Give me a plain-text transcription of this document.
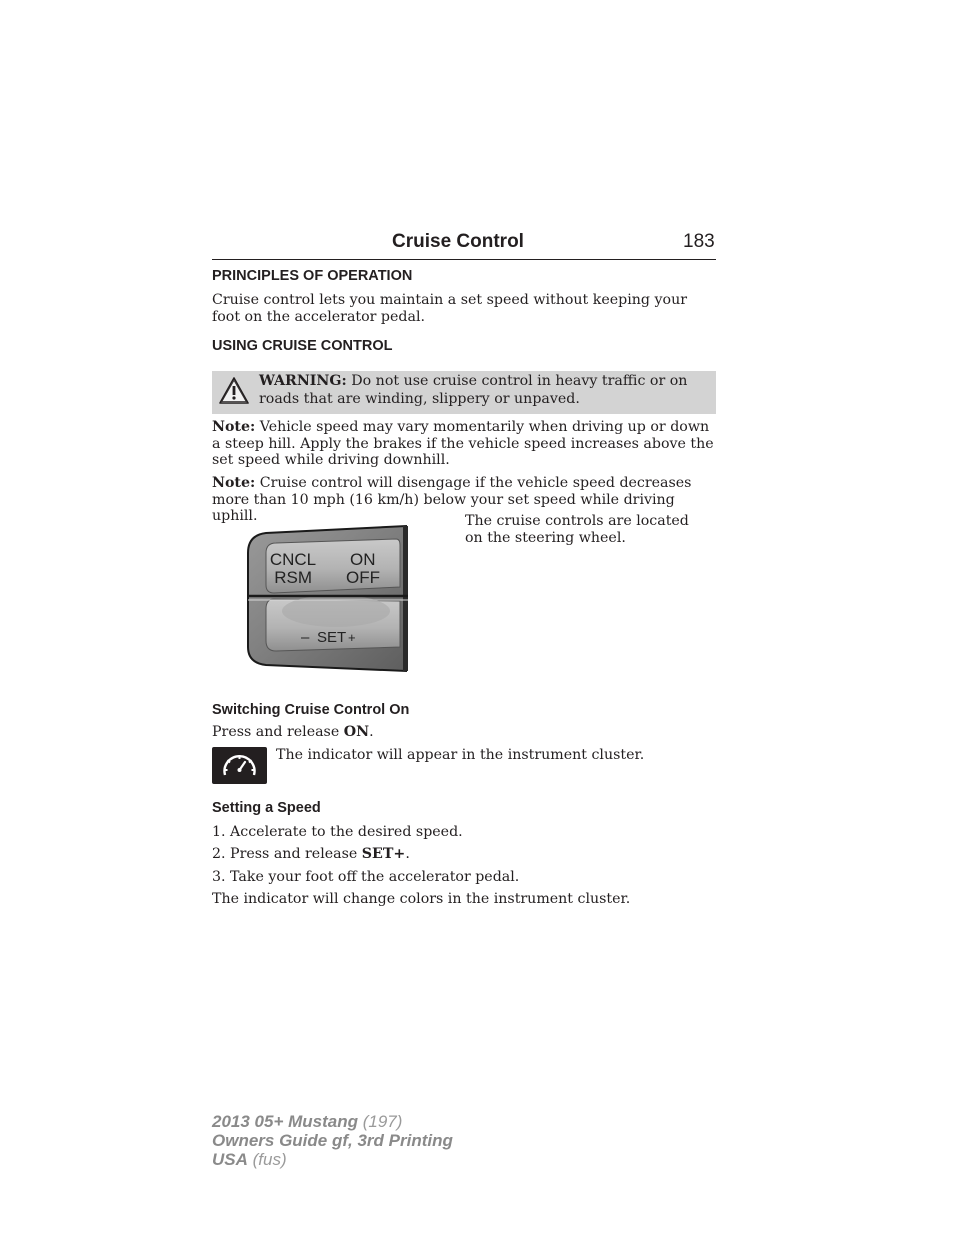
Cruise Control	183
PRINCIPLES OF OPERATION
Cruise control lets you maintain a set speed without keeping your foot on the accelerator pedal.
USING CRUISE CONTROL
WARNING: Do not use cruise control in heavy traffic or on roads that are winding, slippery or unpaved.
Note: Vehicle speed may vary momentarily when driving up or down a steep hill. Apply the brakes if the vehicle speed increases above the set speed while driving downhill.
Note: Cruise control will disengage if the vehicle speed decreases more than 10 mph (16 km/h) below your set speed while driving uphill.
CNCL
RSM
ON
OFF
– SET +
The cruise controls are located on the steering wheel.
Switching Cruise Control On
Press and release ON.
The indicator will appear in the instrument cluster.
Setting a Speed
1. Accelerate to the desired speed.
2. Press and release SET+.
3. Take your foot off the accelerator pedal.
The indicator will change colors in the instrument cluster.
2013 05+ Mustang (197)
Owners Guide gf, 3rd Printing
USA (fus)
